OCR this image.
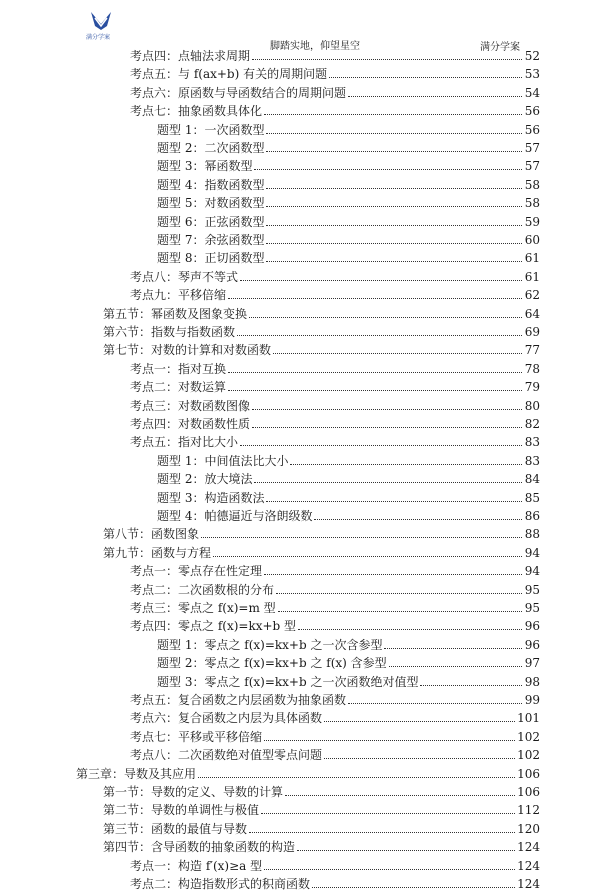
满分学案
脚踏实地，仰望星空	满分学案
考点四：点轴法求周期	52
考点五：与 f(ax+b) 有关的周期问题	53
考点六：原函数与导函数结合的周期问题	54
考点七：抽象函数具体化	56
题型 1：一次函数型	56
题型 2：二次函数型	57
题型 3：幂函数型	57
题型 4：指数函数型	58
题型 5：对数函数型	58
题型 6：正弦函数型	59
题型 7：余弦函数型	60
题型 8：正切函数型	61
考点八：琴声不等式	61
考点九：平移倍缩	62
第五节：幂函数及图象变换	64
第六节：指数与指数函数	69
第七节：对数的计算和对数函数	77
考点一：指对互换	78
考点二：对数运算	79
考点三：对数函数图像	80
考点四：对数函数性质	82
考点五：指对比大小	83
题型 1：中间值法比大小	83
题型 2：放大境法	84
题型 3：构造函数法	85
题型 4：帕德逼近与洛朗级数	86
第八节：函数图象	88
第九节：函数与方程	94
考点一：零点存在性定理	94
考点二：二次函数根的分布	95
考点三：零点之 f(x)=m 型	95
考点四：零点之 f(x)=kx+b 型	96
题型 1：零点之 f(x)=kx+b 之一次含参型	96
题型 2：零点之 f(x)=kx+b 之 f(x) 含参型	97
题型 3：零点之 f(x)=kx+b 之一次函数绝对值型	98
考点五：复合函数之内层函数为抽象函数	99
考点六：复合函数之内层为具体函数	101
考点七：平移或平移倍缩	102
考点八：二次函数绝对值型零点问题	102
第三章：导数及其应用	106
第一节：导数的定义、导数的计算	106
第二节：导数的单调性与极值	112
第三节：函数的最值与导数	120
第四节：含导函数的抽象函数的构造	124
考点一：构造 f′(x)≥a 型	124
考点二：构造指数形式的积商函数	124
